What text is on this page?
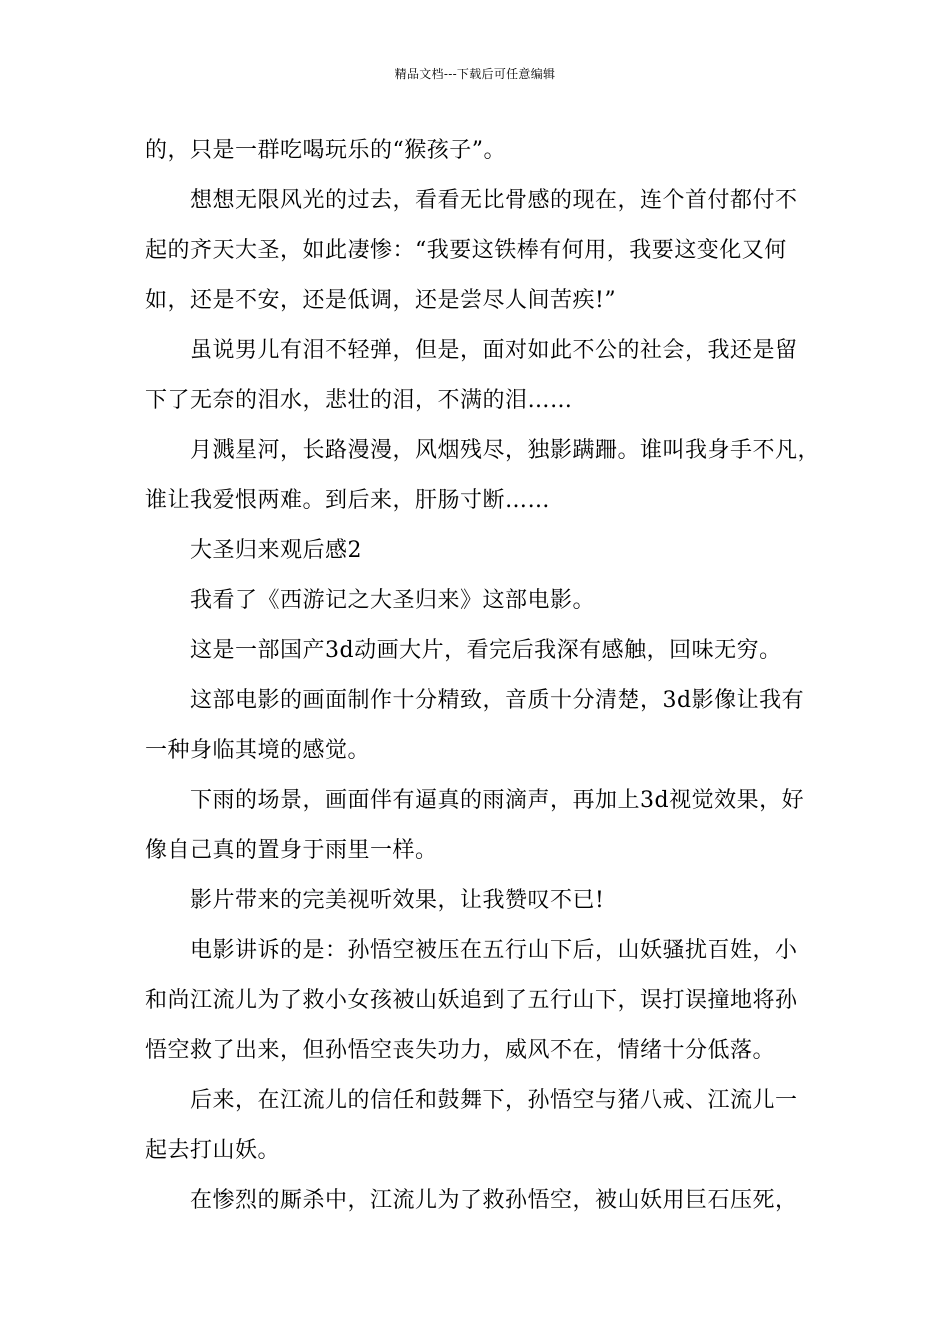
精品文档---下载后可任意编辑
的，只是一群吃喝玩乐的“猴孩子”。
想想无限风光的过去，看看无比骨感的现在，连个首付都付不
起的齐天大圣，如此凄惨：“我要这铁棒有何用，我要这变化又何
如，还是不安，还是低调，还是尝尽人间苦疾!”
虽说男儿有泪不轻弹，但是，面对如此不公的社会，我还是留
下了无奈的泪水，悲壮的泪，不满的泪……
月溅星河，长路漫漫，风烟残尽，独影蹒跚。谁叫我身手不凡，
谁让我爱恨两难。到后来，肝肠寸断……
大圣归来观后感2
我看了《西游记之大圣归来》这部电影。
这是一部国产3d动画大片，看完后我深有感触，回味无穷。
这部电影的画面制作十分精致，音质十分清楚，3d影像让我有
一种身临其境的感觉。
下雨的场景，画面伴有逼真的雨滴声，再加上3d视觉效果，好
像自己真的置身于雨里一样。
影片带来的完美视听效果，让我赞叹不已!
电影讲诉的是：孙悟空被压在五行山下后，山妖骚扰百姓，小
和尚江流儿为了救小女孩被山妖追到了五行山下，误打误撞地将孙
悟空救了出来，但孙悟空丧失功力，威风不在，情绪十分低落。
后来，在江流儿的信任和鼓舞下，孙悟空与猪八戒、江流儿一
起去打山妖。
在惨烈的厮杀中，江流儿为了救孙悟空，被山妖用巨石压死，
